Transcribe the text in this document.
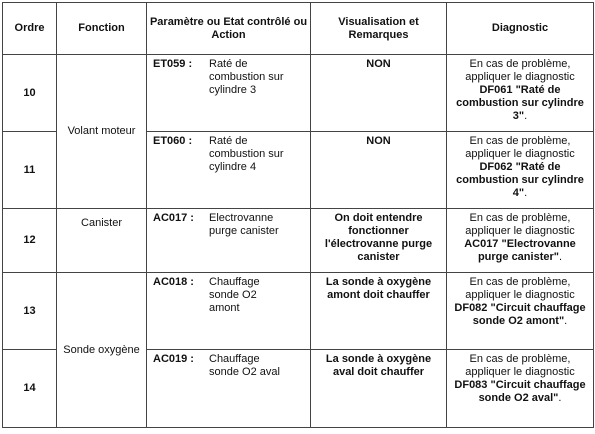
Ordre	Fonction	Paramètre ou Etat contrôlé ou Action	Visualisation et Remarques	Diagnostic
10	Volant moteur	ET059 : Raté de combustion sur cylindre 3	NON	En cas de problème, appliquer le diagnostic DF061 "Raté de combustion sur cylindre 3".
11		ET060 : Raté de combustion sur cylindre 4	NON	En cas de problème, appliquer le diagnostic DF062 "Raté de combustion sur cylindre 4".
12	Canister	AC017 : Electrovanne purge canister	On doit entendre fonctionner l'électrovanne purge canister	En cas de problème, appliquer le diagnostic AC017 "Electrovanne purge canister".
13	Sonde oxygène	AC018 : Chauffage sonde O2 amont	La sonde à oxygène amont doit chauffer	En cas de problème, appliquer le diagnostic DF082 "Circuit chauffage sonde O2 amont".
14		AC019 : Chauffage sonde O2 aval	La sonde à oxygène aval doit chauffer	En cas de problème, appliquer le diagnostic DF083 "Circuit chauffage sonde O2 aval".
